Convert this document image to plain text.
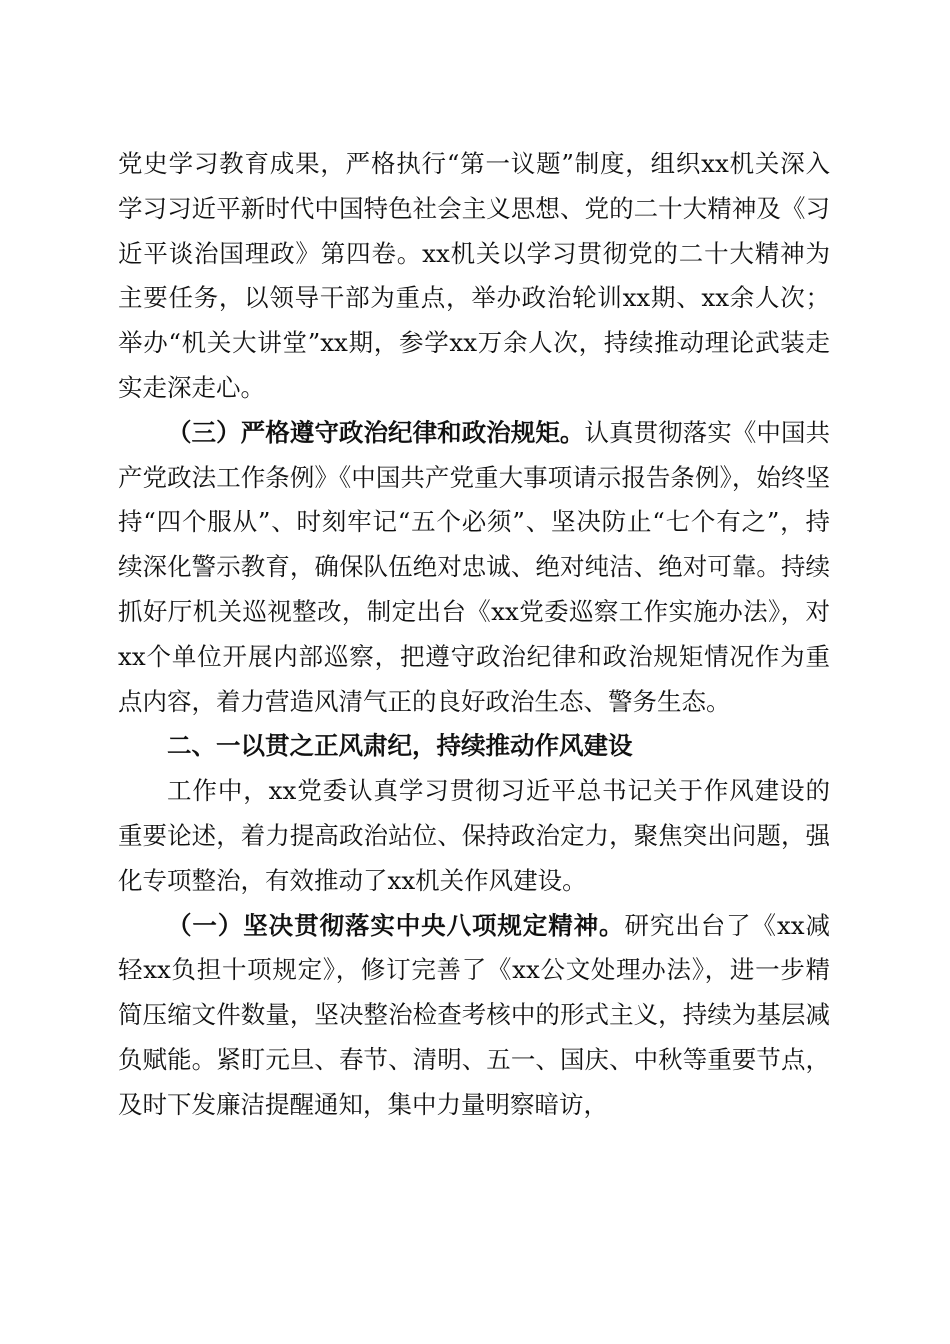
党史学习教育成果，严格执行“第一议题”制度，组织xx机关深入学习习近平新时代中国特色社会主义思想、党的二十大精神及《习近平谈治国理政》第四卷。xx机关以学习贯彻党的二十大精神为主要任务，以领导干部为重点，举办政治轮训xx期、xx余人次；举办“机关大讲堂”xx期，参学xx万余人次，持续推动理论武装走实走深走心。

（三）严格遵守政治纪律和政治规矩。认真贯彻落实《中国共产党政法工作条例》《中国共产党重大事项请示报告条例》，始终坚持“四个服从”、时刻牢记“五个必须”、坚决防止“七个有之”，持续深化警示教育，确保队伍绝对忠诚、绝对纯洁、绝对可靠。持续抓好厅机关巡视整改，制定出台《xx党委巡察工作实施办法》，对xx个单位开展内部巡察，把遵守政治纪律和政治规矩情况作为重点内容，着力营造风清气正的良好政治生态、警务生态。

二、一以贯之正风肃纪，持续推动作风建设

工作中，xx党委认真学习贯彻习近平总书记关于作风建设的重要论述，着力提高政治站位、保持政治定力，聚焦突出问题，强化专项整治，有效推动了xx机关作风建设。

（一）坚决贯彻落实中央八项规定精神。研究出台了《xx减轻xx负担十项规定》，修订完善了《xx公文处理办法》，进一步精简压缩文件数量，坚决整治检查考核中的形式主义，持续为基层减负赋能。紧盯元旦、春节、清明、五一、国庆、中秋等重要节点，及时下发廉洁提醒通知，集中力量明察暗访，
